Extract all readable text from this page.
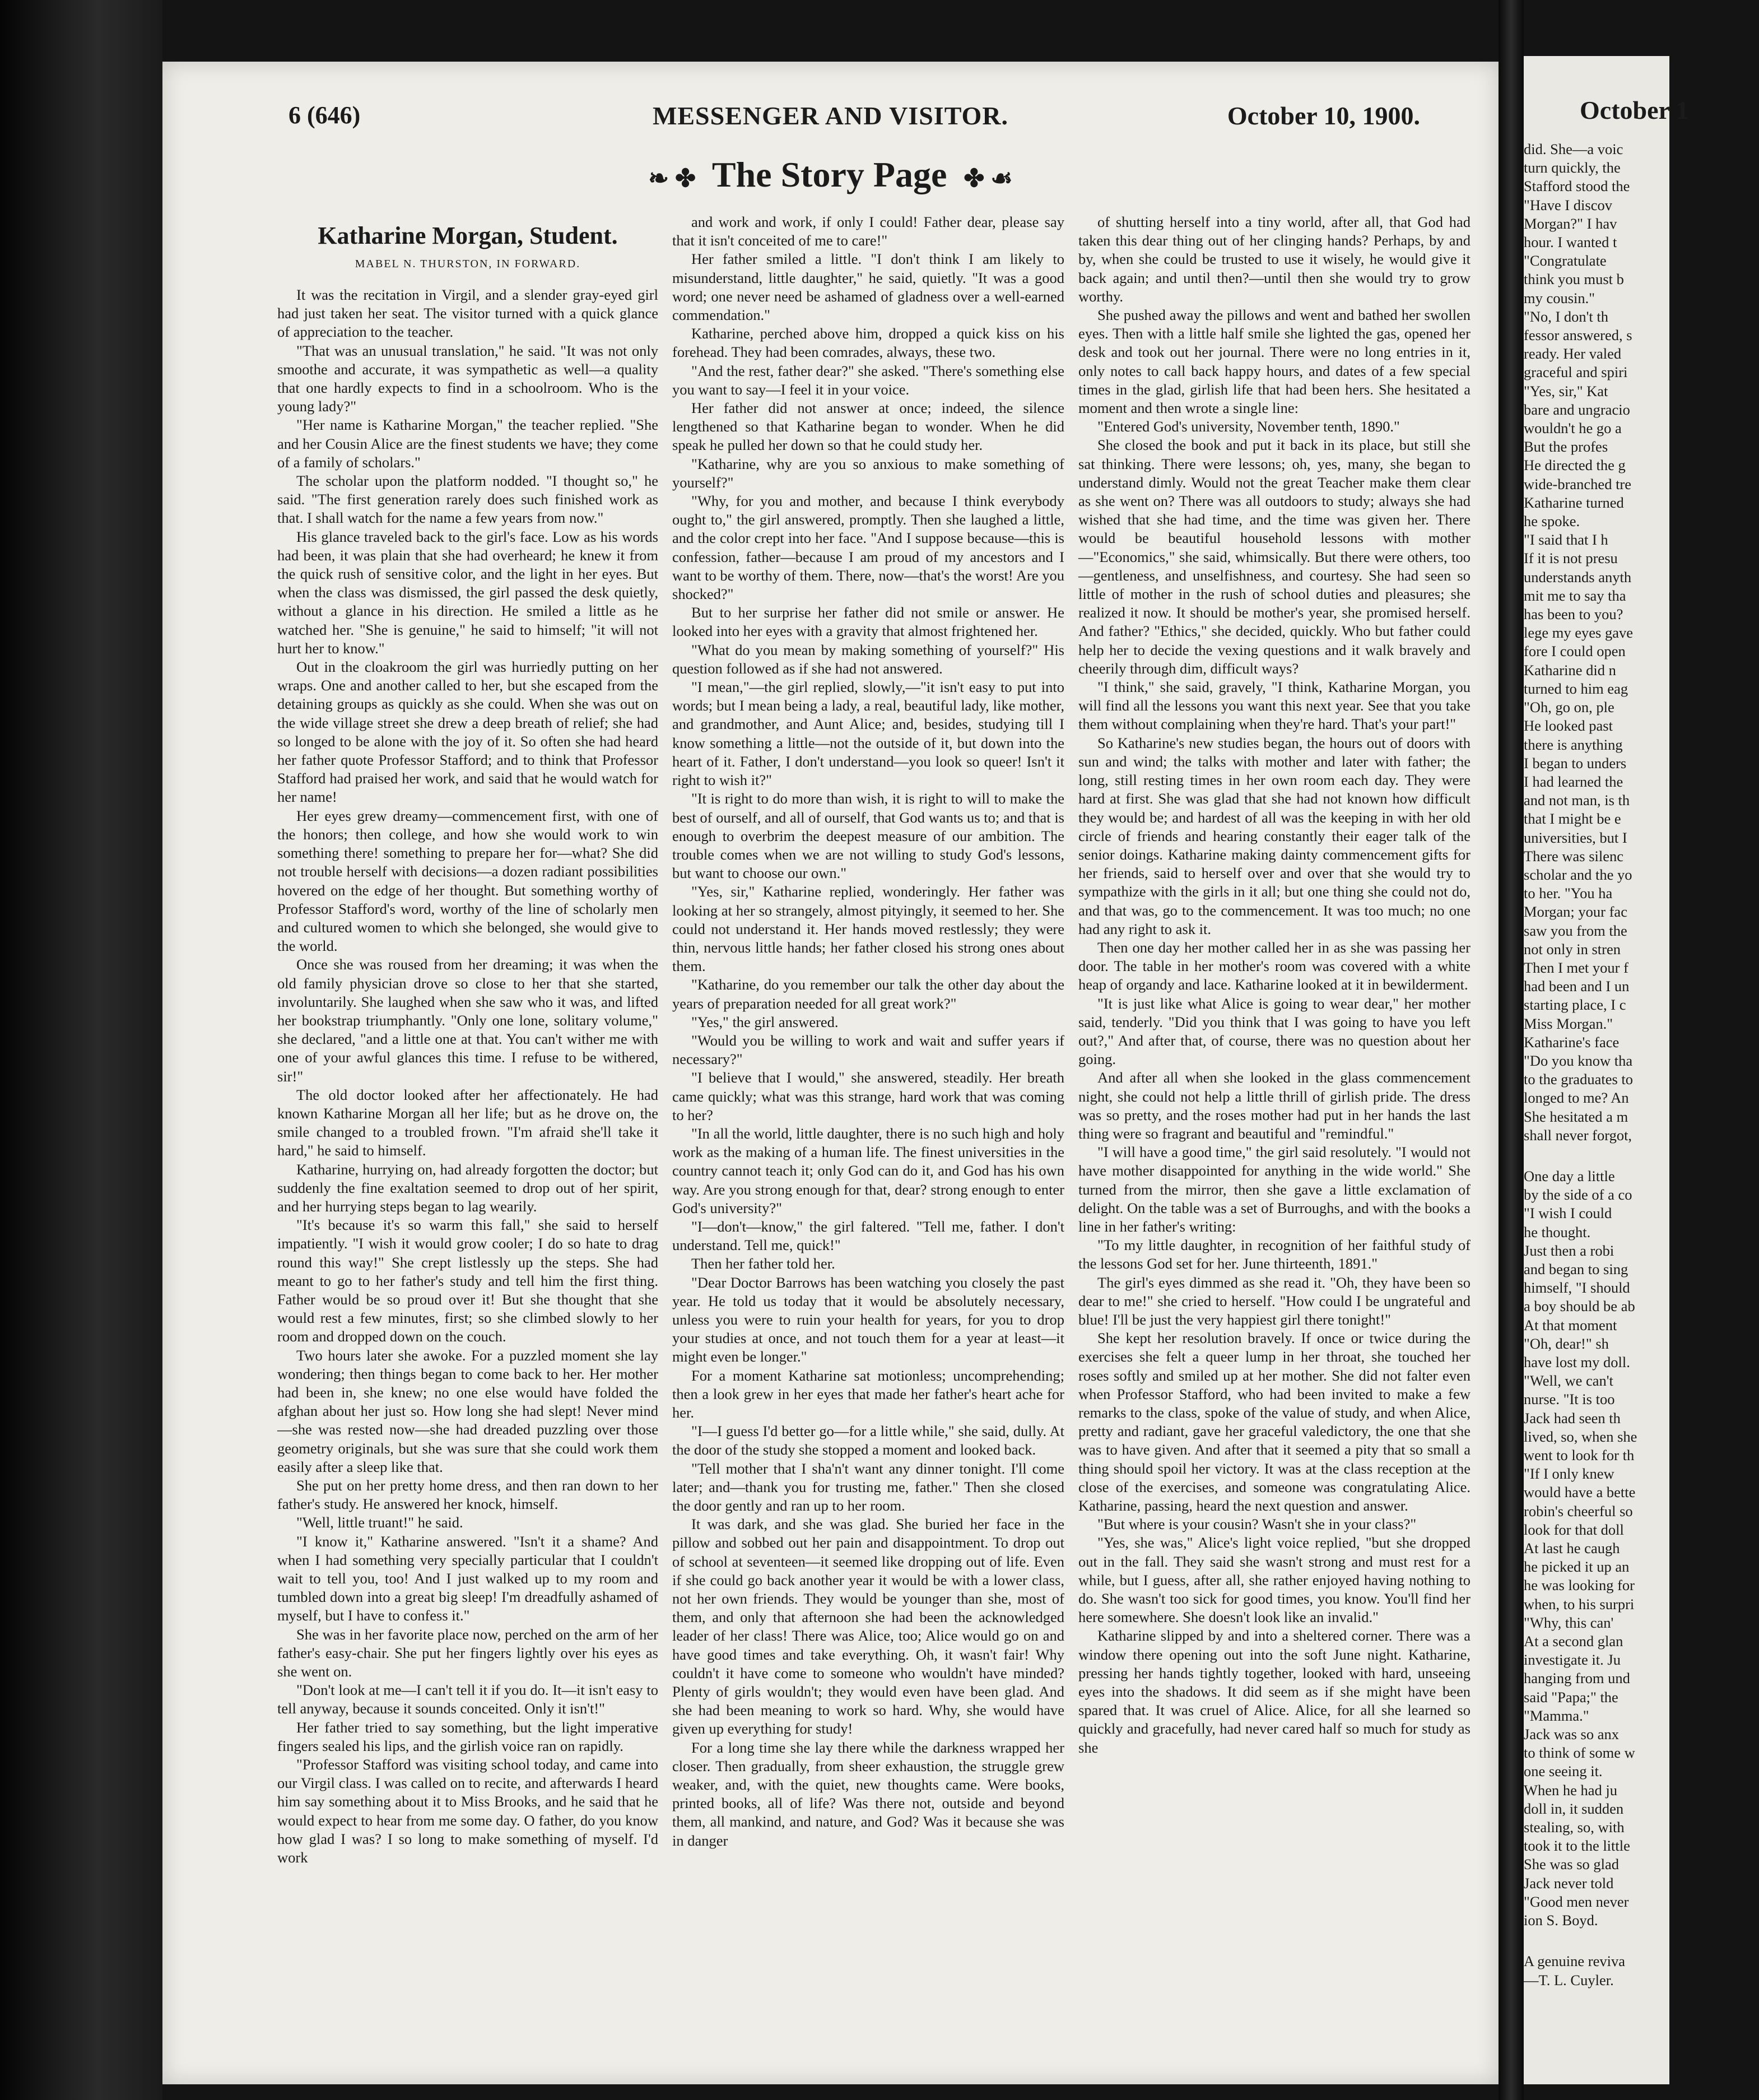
6 (646)	MESSENGER AND VISITOR.	October 10, 1900.
❧ ✤ The Story Page ✤ ☙
Katharine Morgan, Student.
MABEL N. THURSTON, IN FORWARD.

It was the recitation in Virgil, and a slender gray-eyed girl had just taken her seat. The visitor turned with a quick glance of appreciation to the teacher.

"That was an unusual translation," he said. "It was not only smoothe and accurate, it was sympathetic as well—a quality that one hardly expects to find in a schoolroom. Who is the young lady?"

"Her name is Katharine Morgan," the teacher replied. "She and her Cousin Alice are the finest students we have; they come of a family of scholars."

The scholar upon the platform nodded. "I thought so," he said. "The first generation rarely does such finished work as that. I shall watch for the name a few years from now."

His glance traveled back to the girl's face. Low as his words had been, it was plain that she had overheard; he knew it from the quick rush of sensitive color, and the light in her eyes. But when the class was dismissed, the girl passed the desk quietly, without a glance in his direction. He smiled a little as he watched her. "She is genuine," he said to himself; "it will not hurt her to know."

Out in the cloakroom the girl was hurriedly putting on her wraps. One and another called to her, but she escaped from the detaining groups as quickly as she could. When she was out on the wide village street she drew a deep breath of relief; she had so longed to be alone with the joy of it. So often she had heard her father quote Professor Stafford; and to think that Professor Stafford had praised her work, and said that he would watch for her name!

Her eyes grew dreamy—commencement first, with one of the honors; then college, and how she would work to win something there! something to prepare her for—what? She did not trouble herself with decisions—a dozen radiant possibilities hovered on the edge of her thought. But something worthy of Professor Stafford's word, worthy of the line of scholarly men and cultured women to which she belonged, she would give to the world.

Once she was roused from her dreaming; it was when the old family physician drove so close to her that she started, involuntarily. She laughed when she saw who it was, and lifted her bookstrap triumphantly. "Only one lone, solitary volume," she declared, "and a little one at that. You can't wither me with one of your awful glances this time. I refuse to be withered, sir!"

The old doctor looked after her affectionately. He had known Katharine Morgan all her life; but as he drove on, the smile changed to a troubled frown. "I'm afraid she'll take it hard," he said to himself.

Katharine, hurrying on, had already forgotten the doctor; but suddenly the fine exaltation seemed to drop out of her spirit, and her hurrying steps began to lag wearily.

"It's because it's so warm this fall," she said to herself impatiently. "I wish it would grow cooler; I do so hate to drag round this way!" She crept listlessly up the steps. She had meant to go to her father's study and tell him the first thing. Father would be so proud over it! But she thought that she would rest a few minutes, first; so she climbed slowly to her room and dropped down on the couch.

Two hours later she awoke. For a puzzled moment she lay wondering; then things began to come back to her. Her mother had been in, she knew; no one else would have folded the afghan about her just so. How long she had slept! Never mind—she was rested now—she had dreaded puzzling over those geometry originals, but she was sure that she could work them easily after a sleep like that.

She put on her pretty home dress, and then ran down to her father's study. He answered her knock, himself.

"Well, little truant!" he said.

"I know it," Katharine answered. "Isn't it a shame? And when I had something very specially particular that I couldn't wait to tell you, too! And I just walked up to my room and tumbled down into a great big sleep! I'm dreadfully ashamed of myself, but I have to confess it."

She was in her favorite place now, perched on the arm of her father's easy-chair. She put her fingers lightly over his eyes as she went on.

"Don't look at me—I can't tell it if you do. It—it isn't easy to tell anyway, because it sounds conceited. Only it isn't!"

Her father tried to say something, but the light imperative fingers sealed his lips, and the girlish voice ran on rapidly.

"Professor Stafford was visiting school today, and came into our Virgil class. I was called on to recite, and afterwards I heard him say something about it to Miss Brooks, and he said that he would expect to hear from me some day. O father, do you know how glad I was? I so long to make something of myself. I'd work

and work and work, if only I could! Father dear, please say that it isn't conceited of me to care!"

Her father smiled a little. "I don't think I am likely to misunderstand, little daughter," he said, quietly. "It was a good word; one never need be ashamed of gladness over a well-earned commendation."

Katharine, perched above him, dropped a quick kiss on his forehead. They had been comrades, always, these two.

"And the rest, father dear?" she asked. "There's something else you want to say—I feel it in your voice.

Her father did not answer at once; indeed, the silence lengthened so that Katharine began to wonder. When he did speak he pulled her down so that he could study her.

"Katharine, why are you so anxious to make something of yourself?"

"Why, for you and mother, and because I think everybody ought to," the girl answered, promptly. Then she laughed a little, and the color crept into her face. "And I suppose because—this is confession, father—because I am proud of my ancestors and I want to be worthy of them. There, now—that's the worst! Are you shocked?"

But to her surprise her father did not smile or answer. He looked into her eyes with a gravity that almost frightened her.

"What do you mean by making something of yourself?" His question followed as if she had not answered.

"I mean,"—the girl replied, slowly,—"it isn't easy to put into words; but I mean being a lady, a real, beautiful lady, like mother, and grandmother, and Aunt Alice; and, besides, studying till I know something a little—not the outside of it, but down into the heart of it. Father, I don't understand—you look so queer! Isn't it right to wish it?"

"It is right to do more than wish, it is right to will to make the best of ourself, and all of ourself, that God wants us to; and that is enough to overbrim the deepest measure of our ambition. The trouble comes when we are not willing to study God's lessons, but want to choose our own."

"Yes, sir," Katharine replied, wonderingly. Her father was looking at her so strangely, almost pityingly, it seemed to her. She could not understand it. Her hands moved restlessly; they were thin, nervous little hands; her father closed his strong ones about them.

"Katharine, do you remember our talk the other day about the years of preparation needed for all great work?"

"Yes," the girl answered.

"Would you be willing to work and wait and suffer years if necessary?"

"I believe that I would," she answered, steadily. Her breath came quickly; what was this strange, hard work that was coming to her?

"In all the world, little daughter, there is no such high and holy work as the making of a human life. The finest universities in the country cannot teach it; only God can do it, and God has his own way. Are you strong enough for that, dear? strong enough to enter God's university?"

"I—don't—know," the girl faltered. "Tell me, father. I don't understand. Tell me, quick!"

Then her father told her.

"Dear Doctor Barrows has been watching you closely the past year. He told us today that it would be absolutely necessary, unless you were to ruin your health for years, for you to drop your studies at once, and not touch them for a year at least—it might even be longer."

For a moment Katharine sat motionless; uncomprehending; then a look grew in her eyes that made her father's heart ache for her.

"I—I guess I'd better go—for a little while," she said, dully. At the door of the study she stopped a moment and looked back.

"Tell mother that I sha'n't want any dinner tonight. I'll come later; and—thank you for trusting me, father." Then she closed the door gently and ran up to her room.

It was dark, and she was glad. She buried her face in the pillow and sobbed out her pain and disappointment. To drop out of school at seventeen—it seemed like dropping out of life. Even if she could go back another year it would be with a lower class, not her own friends. They would be younger than she, most of them, and only that afternoon she had been the acknowledged leader of her class! There was Alice, too; Alice would go on and have good times and take everything. Oh, it wasn't fair! Why couldn't it have come to someone who wouldn't have minded? Plenty of girls wouldn't; they would even have been glad. And she had been meaning to work so hard. Why, she would have given up everything for study!

For a long time she lay there while the darkness wrapped her closer. Then gradually, from sheer exhaustion, the struggle grew weaker, and, with the quiet, new thoughts came. Were books, printed books, all of life? Was there not, outside and beyond them, all mankind, and nature, and God? Was it because she was in danger

of shutting herself into a tiny world, after all, that God had taken this dear thing out of her clinging hands? Perhaps, by and by, when she could be trusted to use it wisely, he would give it back again; and until then?—until then she would try to grow worthy.

She pushed away the pillows and went and bathed her swollen eyes. Then with a little half smile she lighted the gas, opened her desk and took out her journal. There were no long entries in it, only notes to call back happy hours, and dates of a few special times in the glad, girlish life that had been hers. She hesitated a moment and then wrote a single line:

"Entered God's university, November tenth, 1890."

She closed the book and put it back in its place, but still she sat thinking. There were lessons; oh, yes, many, she began to understand dimly. Would not the great Teacher make them clear as she went on? There was all outdoors to study; always she had wished that she had time, and the time was given her. There would be beautiful household lessons with mother—"Economics," she said, whimsically. But there were others, too—gentleness, and unselfishness, and courtesy. She had seen so little of mother in the rush of school duties and pleasures; she realized it now. It should be mother's year, she promised herself. And father? "Ethics," she decided, quickly. Who but father could help her to decide the vexing questions and it walk bravely and cheerily through dim, difficult ways?

"I think," she said, gravely, "I think, Katharine Morgan, you will find all the lessons you want this next year. See that you take them without complaining when they're hard. That's your part!"

So Katharine's new studies began, the hours out of doors with sun and wind; the talks with mother and later with father; the long, still resting times in her own room each day. They were hard at first. She was glad that she had not known how difficult they would be; and hardest of all was the keeping in with her old circle of friends and hearing constantly their eager talk of the senior doings. Katharine making dainty commencement gifts for her friends, said to herself over and over that she would try to sympathize with the girls in it all; but one thing she could not do, and that was, go to the commencement. It was too much; no one had any right to ask it.

Then one day her mother called her in as she was passing her door. The table in her mother's room was covered with a white heap of organdy and lace. Katharine looked at it in bewilderment.

"It is just like what Alice is going to wear dear," her mother said, tenderly. "Did you think that I was going to have you left out?," And after that, of course, there was no question about her going.

And after all when she looked in the glass commencement night, she could not help a little thrill of girlish pride. The dress was so pretty, and the roses mother had put in her hands the last thing were so fragrant and beautiful and "remindful."

"I will have a good time," the girl said resolutely. "I would not have mother disappointed for anything in the wide world." She turned from the mirror, then she gave a little exclamation of delight. On the table was a set of Burroughs, and with the books a line in her father's writing:

"To my little daughter, in recognition of her faithful study of the lessons God set for her. June thirteenth, 1891."

The girl's eyes dimmed as she read it. "Oh, they have been so dear to me!" she cried to herself. "How could I be ungrateful and blue! I'll be just the very happiest girl there tonight!"

She kept her resolution bravely. If once or twice during the exercises she felt a queer lump in her throat, she touched her roses softly and smiled up at her mother. She did not falter even when Professor Stafford, who had been invited to make a few remarks to the class, spoke of the value of study, and when Alice, pretty and radiant, gave her graceful valedictory, the one that she was to have given. And after that it seemed a pity that so small a thing should spoil her victory. It was at the class reception at the close of the exercises, and someone was congratulating Alice. Katharine, passing, heard the next question and answer.

"But where is your cousin? Wasn't she in your class?"

"Yes, she was," Alice's light voice replied, "but she dropped out in the fall. They said she wasn't strong and must rest for a while, but I guess, after all, she rather enjoyed having nothing to do. She wasn't too sick for good times, you know. You'll find her here somewhere. She doesn't look like an invalid."

Katharine slipped by and into a sheltered corner. There was a window there opening out into the soft June night. Katharine, pressing her hands tightly together, looked with hard, unseeing eyes into the shadows. It did seem as if she might have been spared that. It was cruel of Alice. Alice, for all she learned so quickly and gracefully, had never cared half so much for study as she

October 1
did. She—a voic
turn quickly, the
Stafford stood the
"Have I discov
Morgan?" I hav
hour. I wanted t
"Congratulate
think you must b
my cousin."
"No, I don't th
fessor answered, s
ready. Her valed
graceful and spiri
"Yes, sir," Kat
bare and ungracio
wouldn't he go a
But the profes
He directed the g
wide-branched tre
Katharine turned
he spoke.
"I said that I h
If it is not presu
understands anyth
mit me to say tha
has been to you?
lege my eyes gave
fore I could open
Katharine did n
turned to him eag
"Oh, go on, ple
He looked past
there is anything
I began to unders
I had learned the
and not man, is th
that I might be e
universities, but I
There was silenc
scholar and the yo
to her. "You ha
Morgan; your fac
saw you from the
not only in stren
Then I met your f
had been and I un
starting place, I c
Miss Morgan."
Katharine's face
"Do you know tha
to the graduates to
longed to me? An
She hesitated a m
shall never forgot,
One day a little
by the side of a co
"I wish I could
he thought.
Just then a robi
and began to sing
himself, "I should
a boy should be ab
At that moment
"Oh, dear!" sh
have lost my doll.
"Well, we can't
nurse. "It is too
Jack had seen th
lived, so, when she
went to look for th
"If I only knew
would have a bette
robin's cheerful so
look for that doll
At last he caugh
he picked it up an
he was looking for
when, to his surpri
"Why, this can'
At a second glan
investigate it. Ju
hanging from und
said "Papa;" the
"Mamma."
Jack was so anx
to think of some w
one seeing it.
When he had ju
doll in, it sudden
stealing, so, with
took it to the little
She was so glad
Jack never told
"Good men never
ion S. Boyd.
A genuine reviva
—T. L. Cuyler.
